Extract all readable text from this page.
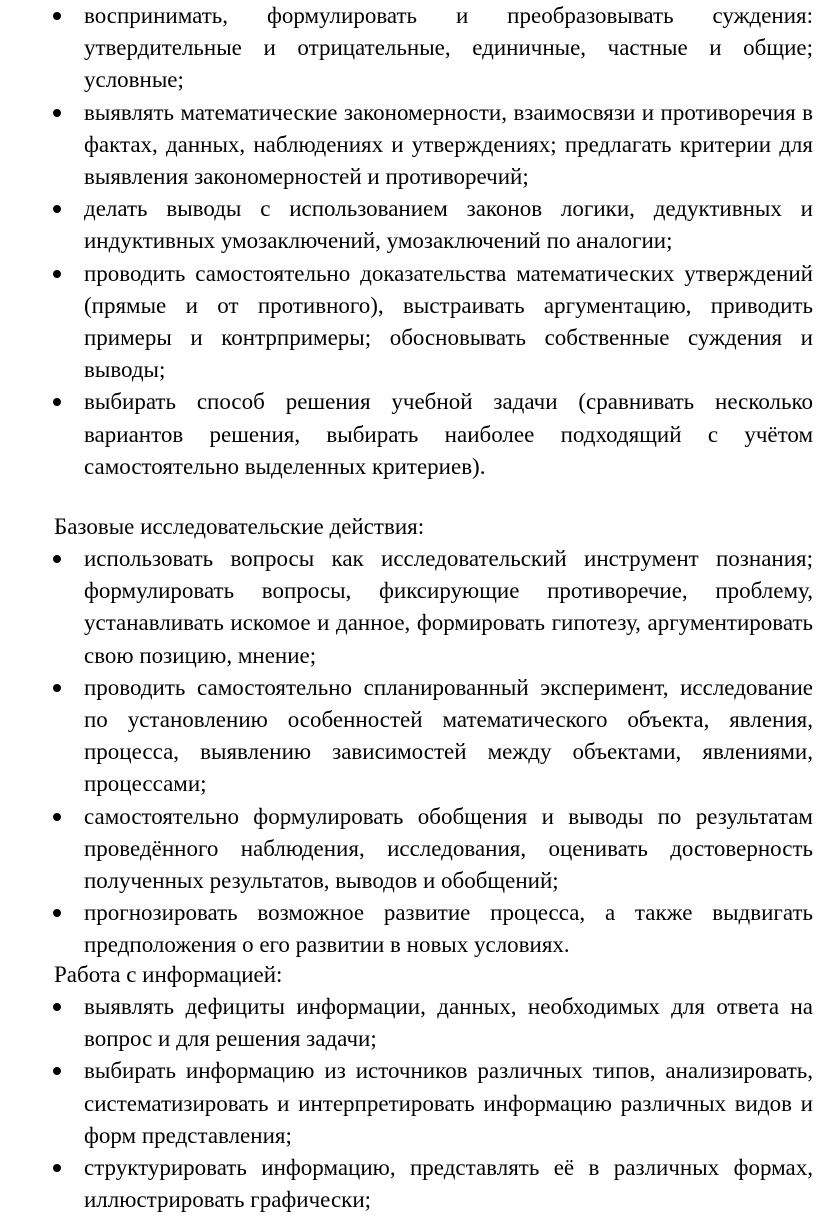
воспринимать, формулировать и преобразовывать суждения: утвердительные и отрицательные, единичные, частные и общие; условные;
выявлять математические закономерности, взаимосвязи и противоречия в фактах, данных, наблюдениях и утверждениях; предлагать критерии для выявления закономерностей и противоречий;
делать выводы с использованием законов логики, дедуктивных и индуктивных умозаключений, умозаключений по аналогии;
проводить самостоятельно доказательства математических утверждений (прямые и от противного), выстраивать аргументацию, приводить примеры и контрпримеры; обосновывать собственные суждения и выводы;
выбирать способ решения учебной задачи (сравнивать несколько вариантов решения, выбирать наиболее подходящий с учётом самостоятельно выделенных критериев).

Базовые исследовательские действия:

использовать вопросы как исследовательский инструмент познания; формулировать вопросы, фиксирующие противоречие, проблему, устанавливать искомое и данное, формировать гипотезу, аргументировать свою позицию, мнение;
проводить самостоятельно спланированный эксперимент, исследование по установлению особенностей математического объекта, явления, процесса, выявлению зависимостей между объектами, явлениями, процессами;
самостоятельно формулировать обобщения и выводы по результатам проведённого наблюдения, исследования, оценивать достоверность полученных результатов, выводов и обобщений;
прогнозировать возможное развитие процесса, а также выдвигать предположения о его развитии в новых условиях.

Работа с информацией:

выявлять дефициты информации, данных, необходимых для ответа на вопрос и для решения задачи;
выбирать информацию из источников различных типов, анализировать, систематизировать и интерпретировать информацию различных видов и форм представления;
структурировать информацию, представлять её в различных формах, иллюстрировать графически;
